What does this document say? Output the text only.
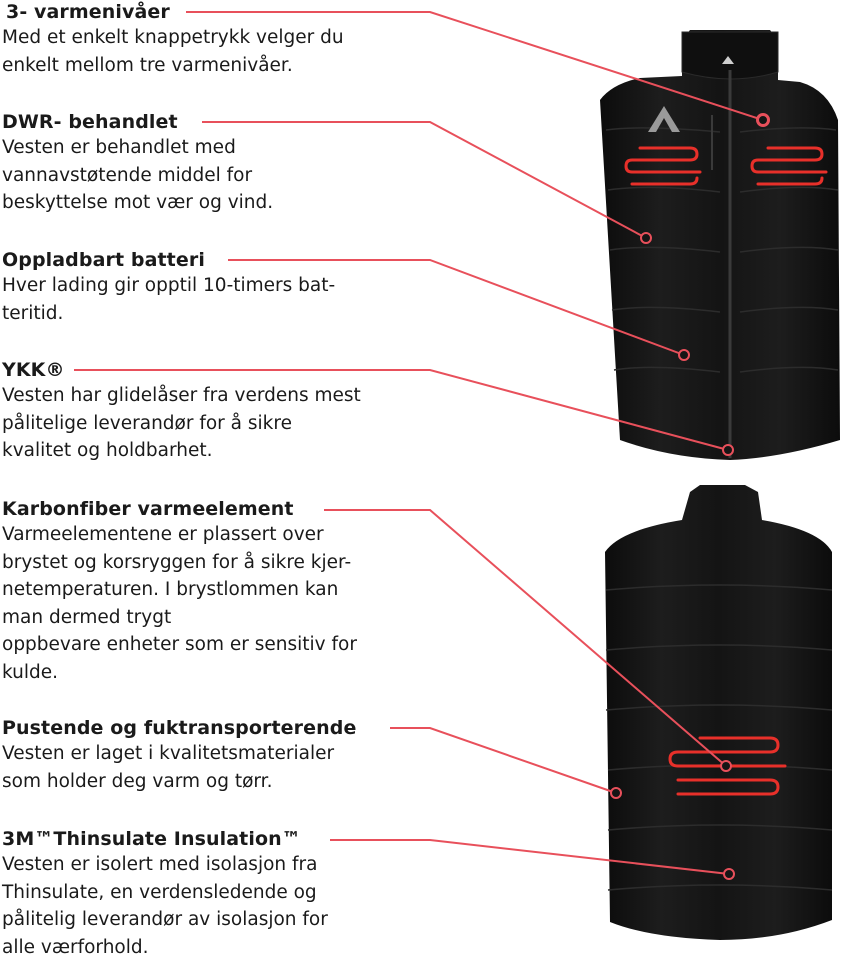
3- varmenivåer

Med et enkelt knappetrykk velger du

enkelt mellom tre varmenivåer.

DWR- behandlet

Vesten er behandlet med

vannavstøtende middel for

beskyttelse mot vær og vind.

Oppladbart batteri

Hver lading gir opptil 10-timers bat-

teritid.

YKK®

Vesten har glidelåser fra verdens mest

pålitelige leverandør for å sikre

kvalitet og holdbarhet.

Karbonfiber varmeelement

Varmeelementene er plassert over

brystet og korsryggen for å sikre kjer-

netemperaturen. I brystlommen kan

man dermed trygt

oppbevare enheter som er sensitiv for

kulde.

Pustende og fuktransporterende

Vesten er laget i kvalitetsmaterialer

som holder deg varm og tørr.

3M™Thinsulate Insulation™

Vesten er isolert med isolasjon fra

Thinsulate, en verdensledende og

pålitelig leverandør av isolasjon for

alle værforhold.
